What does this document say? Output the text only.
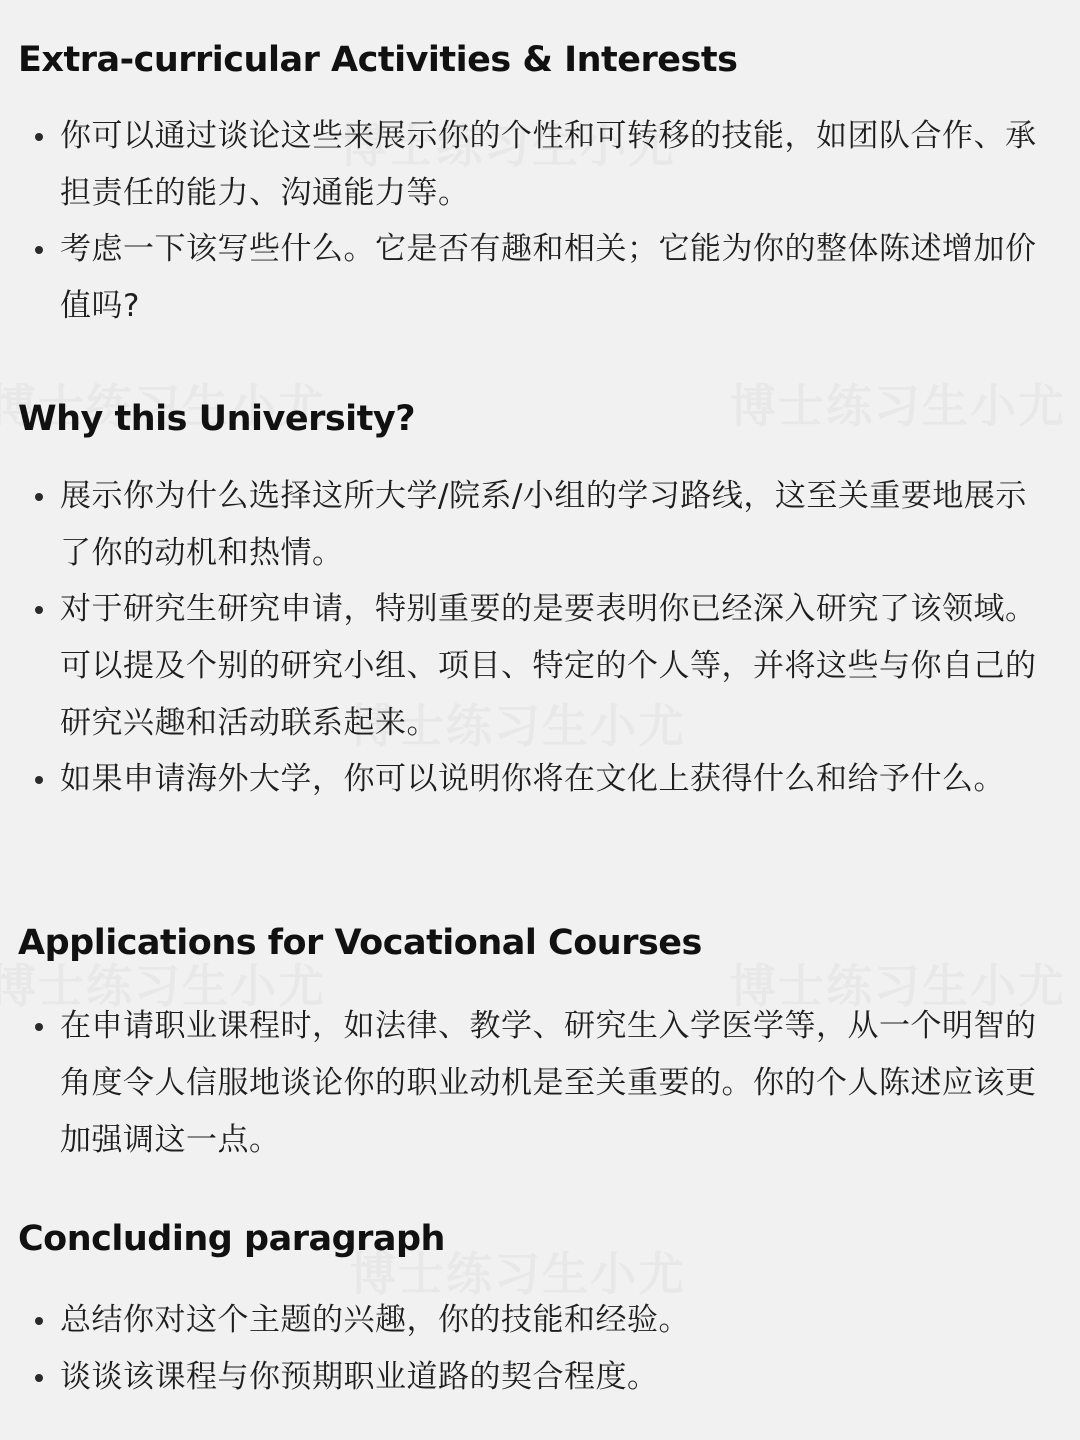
Extra-curricular Activities & Interests
你可以通过谈论这些来展示你的个性和可转移的技能，如团队合作、承担责任的能力、沟通能力等。
考虑一下该写些什么。它是否有趣和相关；它能为你的整体陈述增加价值吗?
Why this University?
展示你为什么选择这所大学/院系/小组的学习路线，这至关重要地展示了你的动机和热情。
对于研究生研究申请，特别重要的是要表明你已经深入研究了该领域。可以提及个别的研究小组、项目、特定的个人等，并将这些与你自己的研究兴趣和活动联系起来。
如果申请海外大学，你可以说明你将在文化上获得什么和给予什么。
Applications for Vocational Courses
在申请职业课程时，如法律、教学、研究生入学医学等，从一个明智的角度令人信服地谈论你的职业动机是至关重要的。你的个人陈述应该更加强调这一点。
Concluding paragraph
总结你对这个主题的兴趣，你的技能和经验。
谈谈该课程与你预期职业道路的契合程度。
